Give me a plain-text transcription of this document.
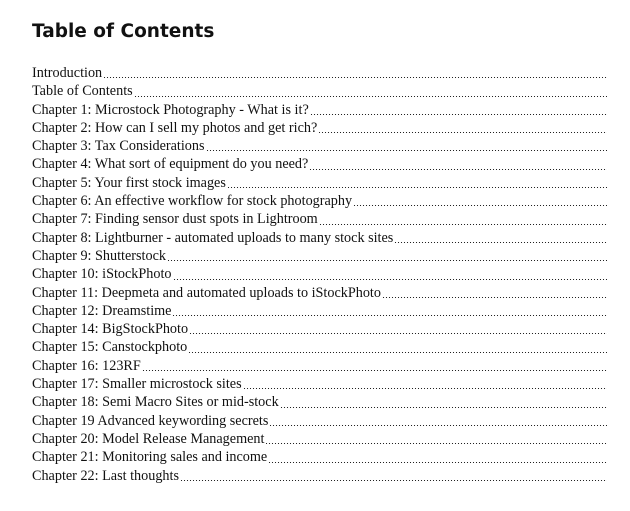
Table of Contents
Introduction
Table of Contents
Chapter 1: Microstock Photography - What is it?
Chapter 2: How can I sell my photos and get rich?
Chapter 3: Tax Considerations
Chapter 4: What sort of equipment do you need?
Chapter 5: Your first stock images
Chapter 6: An effective workflow for stock photography
Chapter 7: Finding sensor dust spots in Lightroom
Chapter 8: Lightburner - automated uploads to many stock sites
Chapter 9: Shutterstock
Chapter 10: iStockPhoto
Chapter 11: Deepmeta and automated uploads to iStockPhoto
Chapter 12: Dreamstime
Chapter 14: BigStockPhoto
Chapter 15: Canstockphoto
Chapter 16: 123RF
Chapter 17: Smaller microstock sites
Chapter 18: Semi Macro Sites or mid-stock
Chapter 19 Advanced keywording secrets
Chapter 20: Model Release Management
Chapter 21: Monitoring sales and income
Chapter 22: Last thoughts
